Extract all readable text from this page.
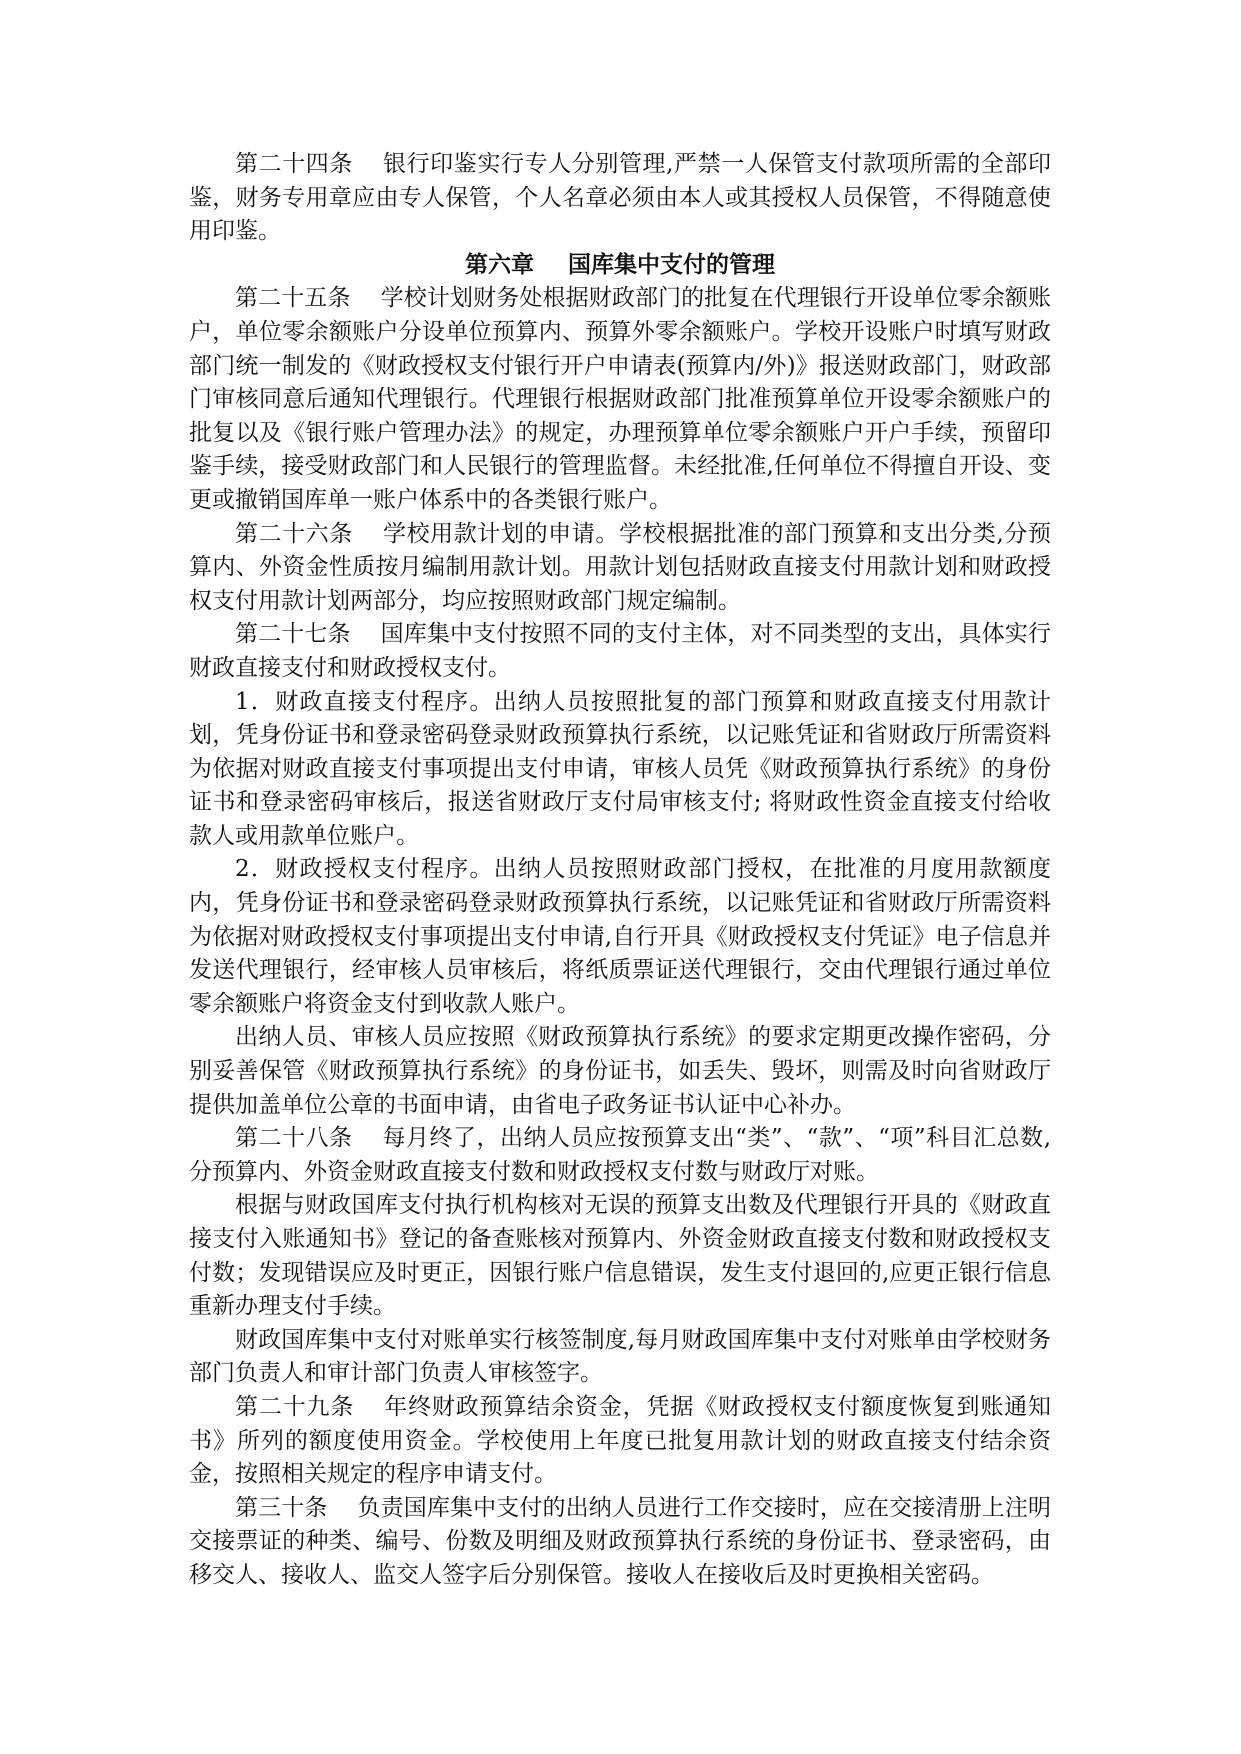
第二十四条 银行印鉴实行专人分别管理,严禁一人保管支付款项所需的全部印鉴，财务专用章应由专人保管，个人名章必须由本人或其授权人员保管，不得随意使用印鉴。

第六章 国库集中支付的管理

第二十五条 学校计划财务处根据财政部门的批复在代理银行开设单位零余额账户，单位零余额账户分设单位预算内、预算外零余额账户。学校开设账户时填写财政部门统一制发的《财政授权支付银行开户申请表(预算内/外)》报送财政部门，财政部门审核同意后通知代理银行。代理银行根据财政部门批准预算单位开设零余额账户的批复以及《银行账户管理办法》的规定，办理预算单位零余额账户开户手续，预留印鉴手续，接受财政部门和人民银行的管理监督。未经批准,任何单位不得擅自开设、变更或撤销国库单一账户体系中的各类银行账户。

第二十六条 学校用款计划的申请。学校根据批准的部门预算和支出分类,分预算内、外资金性质按月编制用款计划。用款计划包括财政直接支付用款计划和财政授权支付用款计划两部分，均应按照财政部门规定编制。

第二十七条 国库集中支付按照不同的支付主体，对不同类型的支出，具体实行财政直接支付和财政授权支付。

1．财政直接支付程序。出纳人员按照批复的部门预算和财政直接支付用款计划，凭身份证书和登录密码登录财政预算执行系统，以记账凭证和省财政厅所需资料为依据对财政直接支付事项提出支付申请，审核人员凭《财政预算执行系统》的身份证书和登录密码审核后，报送省财政厅支付局审核支付; 将财政性资金直接支付给收款人或用款单位账户。

2．财政授权支付程序。出纳人员按照财政部门授权，在批准的月度用款额度内，凭身份证书和登录密码登录财政预算执行系统，以记账凭证和省财政厅所需资料为依据对财政授权支付事项提出支付申请,自行开具《财政授权支付凭证》电子信息并发送代理银行，经审核人员审核后，将纸质票证送代理银行，交由代理银行通过单位零余额账户将资金支付到收款人账户。

出纳人员、审核人员应按照《财政预算执行系统》的要求定期更改操作密码，分别妥善保管《财政预算执行系统》的身份证书，如丢失、毁坏，则需及时向省财政厅提供加盖单位公章的书面申请，由省电子政务证书认证中心补办。

第二十八条 每月终了，出纳人员应按预算支出“类”、“款”、“项”科目汇总数,分预算内、外资金财政直接支付数和财政授权支付数与财政厅对账。

根据与财政国库支付执行机构核对无误的预算支出数及代理银行开具的《财政直接支付入账通知书》登记的备查账核对预算内、外资金财政直接支付数和财政授权支付数；发现错误应及时更正，因银行账户信息错误，发生支付退回的,应更正银行信息重新办理支付手续。

财政国库集中支付对账单实行核签制度,每月财政国库集中支付对账单由学校财务部门负责人和审计部门负责人审核签字。

第二十九条 年终财政预算结余资金，凭据《财政授权支付额度恢复到账通知书》所列的额度使用资金。学校使用上年度已批复用款计划的财政直接支付结余资金，按照相关规定的程序申请支付。

第三十条 负责国库集中支付的出纳人员进行工作交接时，应在交接清册上注明交接票证的种类、编号、份数及明细及财政预算执行系统的身份证书、登录密码，由移交人、接收人、监交人签字后分别保管。接收人在接收后及时更换相关密码。
